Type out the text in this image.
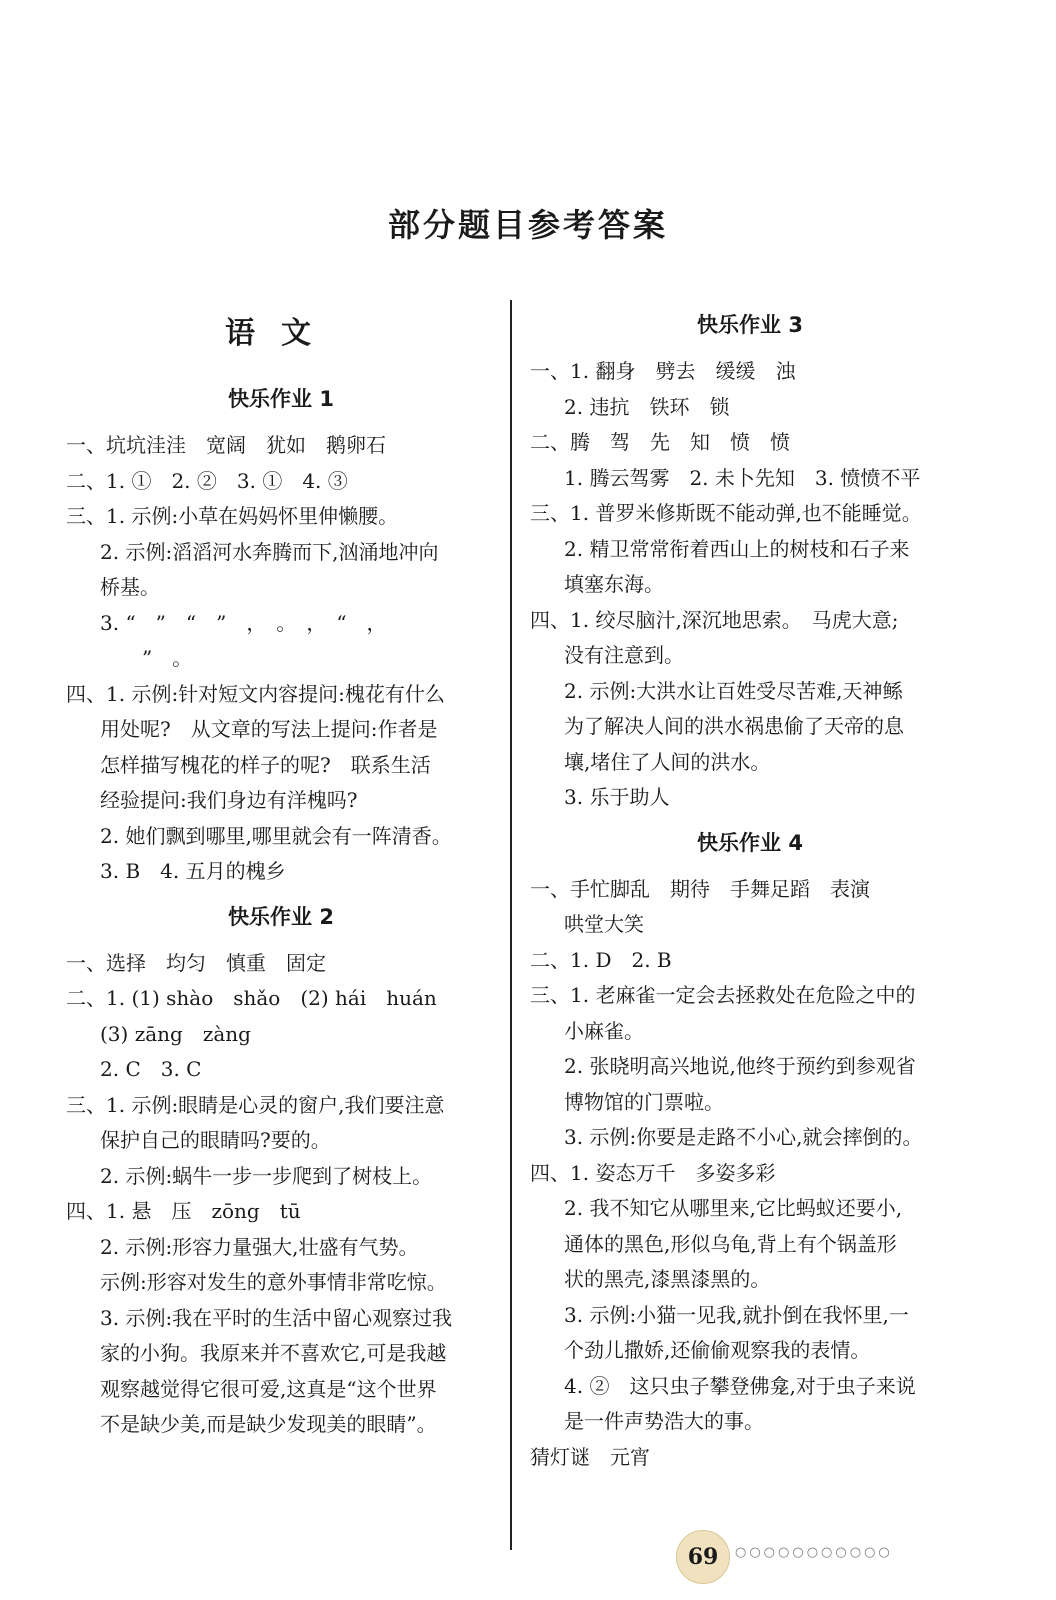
部分题目参考答案
语文
快乐作业 1
一、坑坑洼洼　宽阔　犹如　鹅卵石
二、1. ①　2. ②　3. ①　4. ③
三、1. 示例:小草在妈妈怀里伸懒腰。
2. 示例:滔滔河水奔腾而下,汹涌地冲向
桥基。
3. “　”　“　”　，　。　，　“　，
”　。
四、1. 示例:针对短文内容提问:槐花有什么
用处呢?　从文章的写法上提问:作者是
怎样描写槐花的样子的呢?　联系生活
经验提问:我们身边有洋槐吗?
2. 她们飘到哪里,哪里就会有一阵清香。
3. B　4. 五月的槐乡
快乐作业 2
一、选择　均匀　慎重　固定
二、1. (1) shào　shǎo　(2) hái　huán
(3) zāng　zàng
2. C　3. C
三、1. 示例:眼睛是心灵的窗户,我们要注意
保护自己的眼睛吗?要的。
2. 示例:蜗牛一步一步爬到了树枝上。
四、1. 悬　压　zōng　tū
2. 示例:形容力量强大,壮盛有气势。
示例:形容对发生的意外事情非常吃惊。
3. 示例:我在平时的生活中留心观察过我
家的小狗。我原来并不喜欢它,可是我越
观察越觉得它很可爱,这真是“这个世界
不是缺少美,而是缺少发现美的眼睛”。
快乐作业 3
一、1. 翻身　劈去　缓缓　浊
2. 违抗　铁环　锁
二、腾　驾　先　知　愤　愤
1. 腾云驾雾　2. 未卜先知　3. 愤愤不平
三、1. 普罗米修斯既不能动弹,也不能睡觉。
2. 精卫常常衔着西山上的树枝和石子来
填塞东海。
四、1. 绞尽脑汁,深沉地思索。　马虎大意;
没有注意到。
2. 示例:大洪水让百姓受尽苦难,天神鲧
为了解决人间的洪水祸患偷了天帝的息
壤,堵住了人间的洪水。
3. 乐于助人
快乐作业 4
一、手忙脚乱　期待　手舞足蹈　表演
哄堂大笑
二、1. D　2. B
三、1. 老麻雀一定会去拯救处在危险之中的
小麻雀。
2. 张晓明高兴地说,他终于预约到参观省
博物馆的门票啦。
3. 示例:你要是走路不小心,就会摔倒的。
四、1. 姿态万千　多姿多彩
2. 我不知它从哪里来,它比蚂蚁还要小,
通体的黑色,形似乌龟,背上有个锅盖形
状的黑壳,漆黑漆黑的。
3. 示例:小猫一见我,就扑倒在我怀里,一
个劲儿撒娇,还偷偷观察我的表情。
4. ②　这只虫子攀登佛龛,对于虫子来说
是一件声势浩大的事。
猜灯谜　元宵
69	○○○○○○○○○○○
